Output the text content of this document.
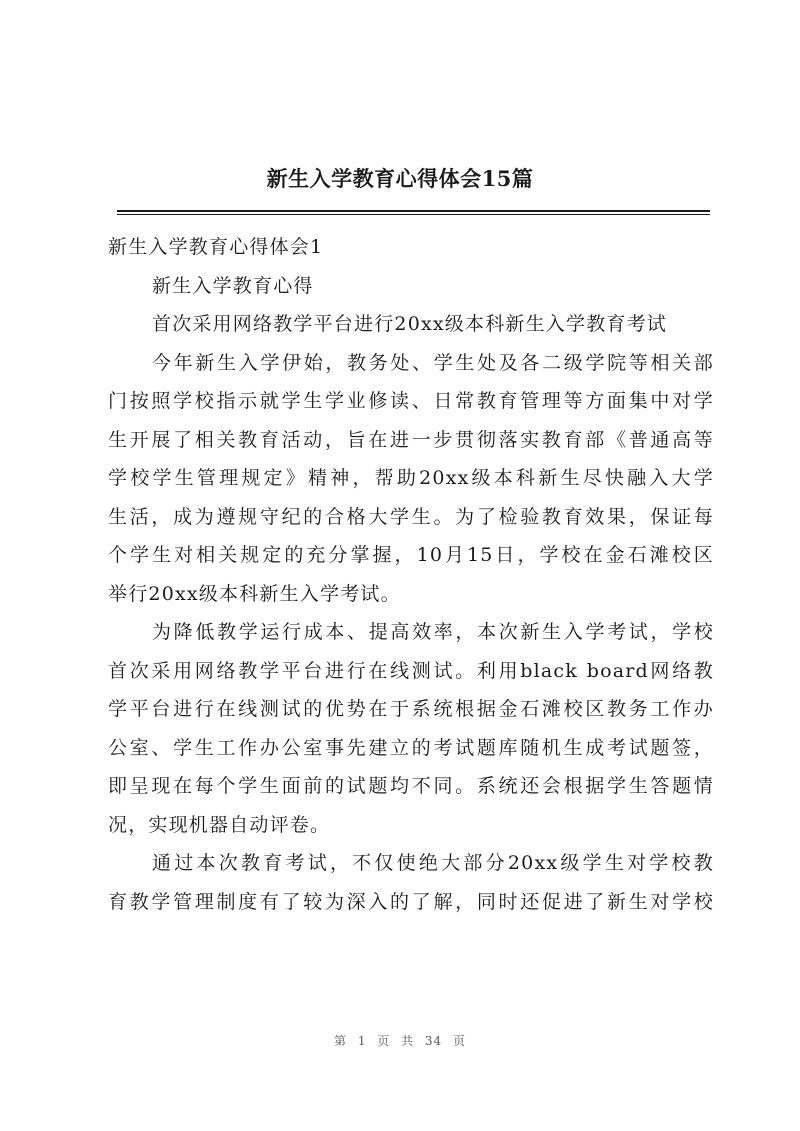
新生入学教育心得体会15篇
新生入学教育心得体会1
新生入学教育心得
首次采用网络教学平台进行20xx级本科新生入学教育考试
今年新生入学伊始，教务处、学生处及各二级学院等相关部
门按照学校指示就学生学业修读、日常教育管理等方面集中对学
生开展了相关教育活动，旨在进一步贯彻落实教育部《普通高等
学校学生管理规定》精神，帮助20xx级本科新生尽快融入大学
生活，成为遵规守纪的合格大学生。为了检验教育效果，保证每
个学生对相关规定的充分掌握，10月15日，学校在金石滩校区
举行20xx级本科新生入学考试。
为降低教学运行成本、提高效率，本次新生入学考试，学校
首次采用网络教学平台进行在线测试。利用black board网络教
学平台进行在线测试的优势在于系统根据金石滩校区教务工作办
公室、学生工作办公室事先建立的考试题库随机生成考试题签，
即呈现在每个学生面前的试题均不同。系统还会根据学生答题情
况，实现机器自动评卷。
通过本次教育考试，不仅使绝大部分20xx级学生对学校教
育教学管理制度有了较为深入的了解，同时还促进了新生对学校
第 1 页 共 34 页
